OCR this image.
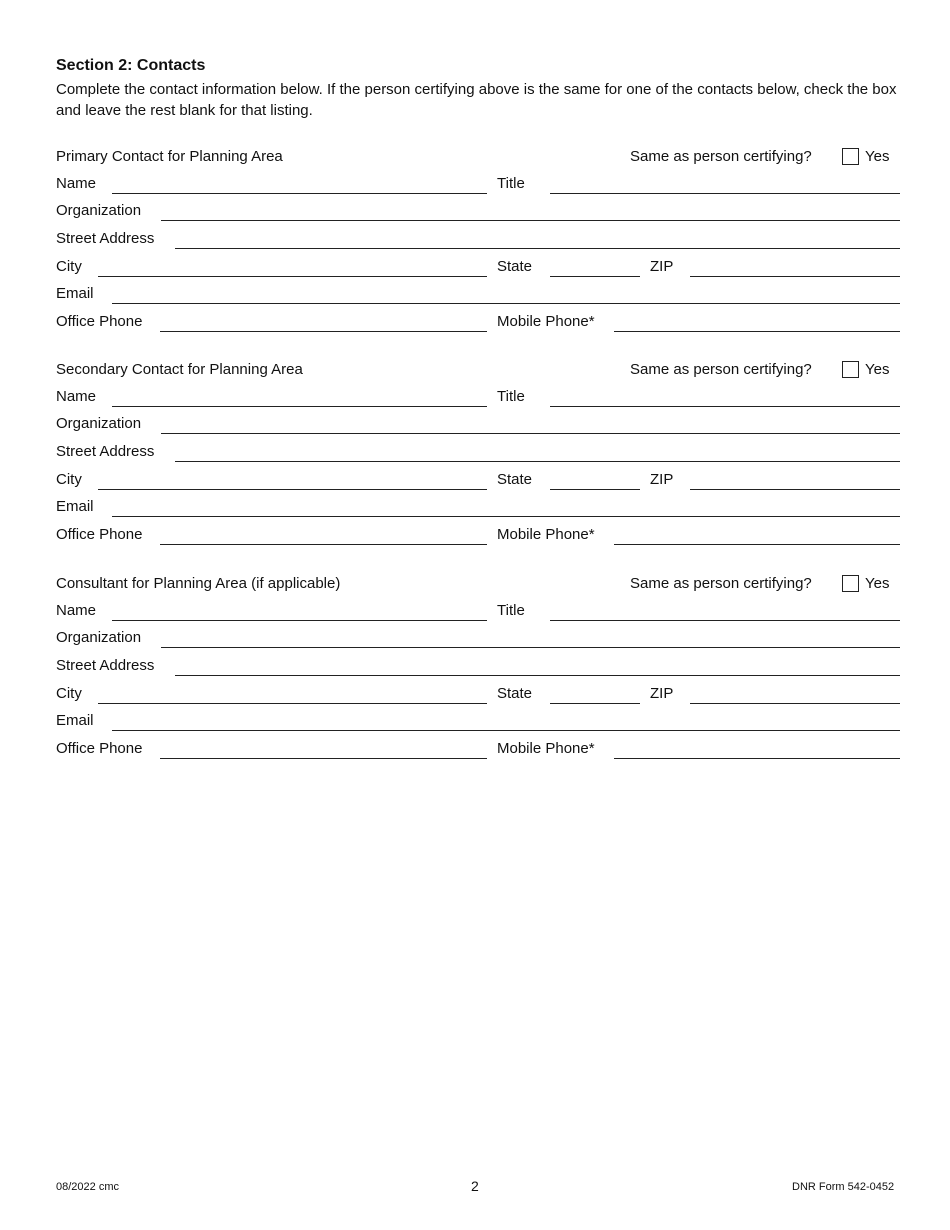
Section 2: Contacts
Complete the contact information below. If the person certifying above is the same for one of the contacts below, check the box and leave the rest blank for that listing.
Primary Contact for Planning Area	Same as person certifying?	Yes
Name	Title
Organization
Street Address
City	State	ZIP
Email
Office Phone	Mobile Phone*
Secondary Contact for Planning Area	Same as person certifying?	Yes
Name	Title
Organization
Street Address
City	State	ZIP
Email
Office Phone	Mobile Phone*
Consultant for Planning Area (if applicable)	Same as person certifying?	Yes
Name	Title
Organization
Street Address
City	State	ZIP
Email
Office Phone	Mobile Phone*
08/2022 cmc	2	DNR Form 542-0452
